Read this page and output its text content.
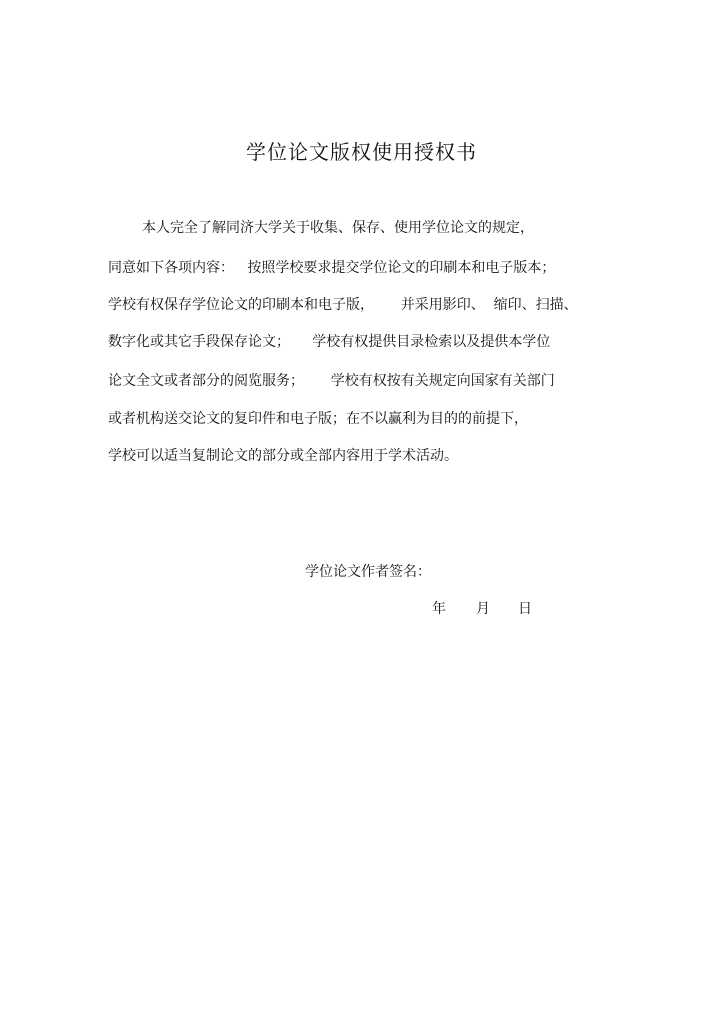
学位论文版权使用授权书
本人完全了解同济大学关于收集、保存、使用学位论文的规定，
同意如下各项内容：   按照学校要求提交学位论文的印刷本和电子版本；
学校有权保存学位论文的印刷本和电子版，      并采用影印、  缩印、扫描、
数字化或其它手段保存论文；     学校有权提供目录检索以及提供本学位
论文全文或者部分的阅览服务；      学校有权按有关规定向国家有关部门
或者机构送交论文的复印件和电子版；在不以赢利为目的的前提下，
学校可以适当复制论文的部分或全部内容用于学术活动。
学位论文作者签名：
年 月 日
